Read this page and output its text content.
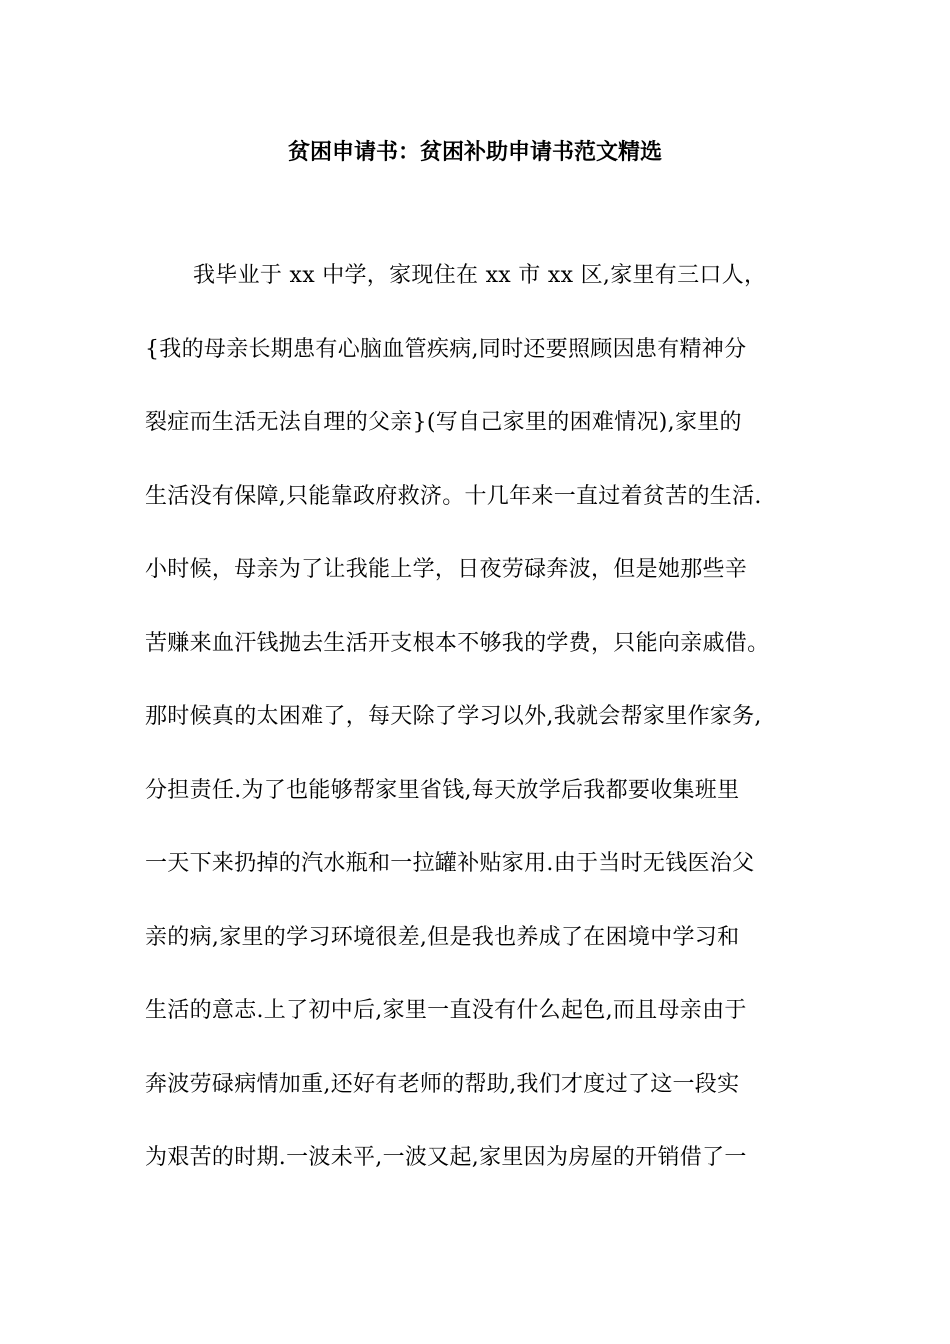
贫困申请书：贫困补助申请书范文精选
我毕业于 xx 中学，家现住在 xx 市 xx 区,家里有三口人，
{我的母亲长期患有心脑血管疾病,同时还要照顾因患有精神分
裂症而生活无法自理的父亲}(写自己家里的困难情况),家里的
生活没有保障,只能靠政府救济。十几年来一直过着贫苦的生活.
小时候，母亲为了让我能上学，日夜劳碌奔波，但是她那些辛
苦赚来血汗钱抛去生活开支根本不够我的学费，只能向亲戚借。
那时候真的太困难了，每天除了学习以外,我就会帮家里作家务,
分担责任.为了也能够帮家里省钱,每天放学后我都要收集班里
一天下来扔掉的汽水瓶和一拉罐补贴家用.由于当时无钱医治父
亲的病,家里的学习环境很差,但是我也养成了在困境中学习和
生活的意志.上了初中后,家里一直没有什么起色,而且母亲由于
奔波劳碌病情加重,还好有老师的帮助,我们才度过了这一段实
为艰苦的时期.一波未平,一波又起,家里因为房屋的开销借了一
